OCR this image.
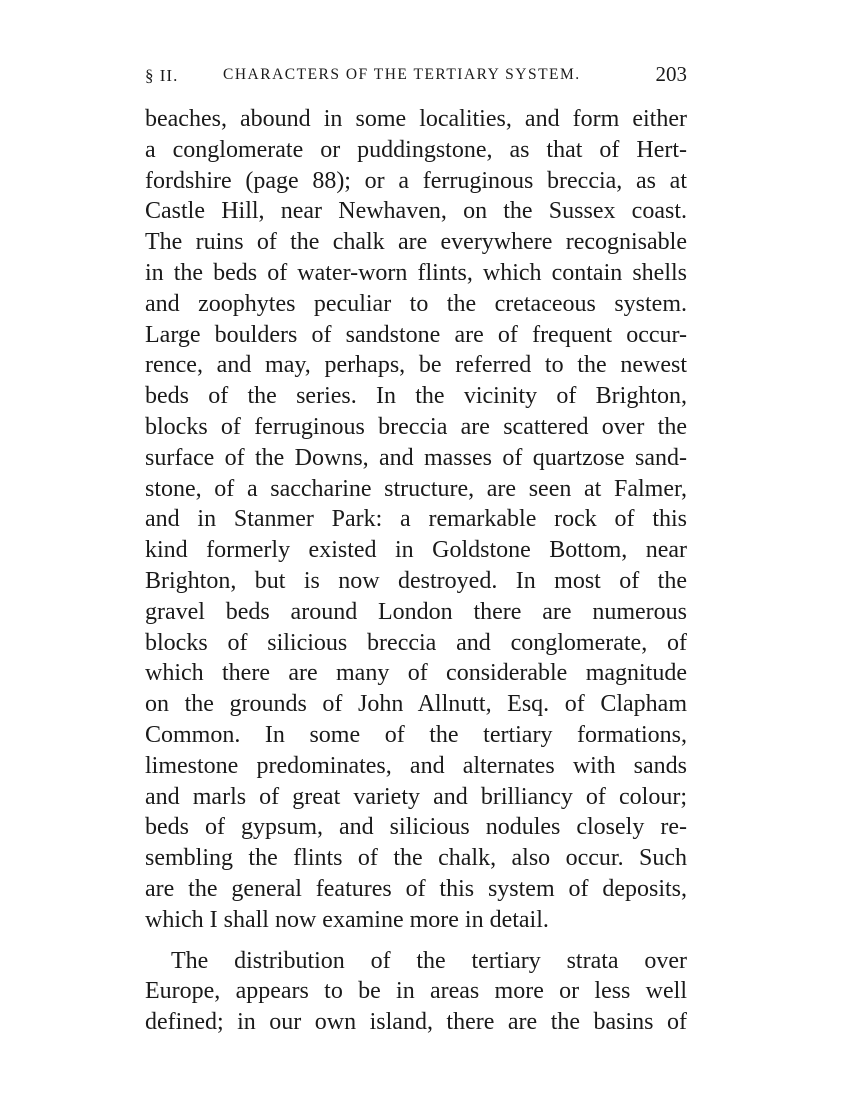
§ II.	CHARACTERS OF THE TERTIARY SYSTEM.	203
beaches, abound in some localities, and form either
a conglomerate or puddingstone, as that of Hert-
fordshire (page 88); or a ferruginous breccia, as at
Castle Hill, near Newhaven, on the Sussex coast.
The ruins of the chalk are everywhere recognisable
in the beds of water-worn flints, which contain shells
and zoophytes peculiar to the cretaceous system.
Large boulders of sandstone are of frequent occur-
rence, and may, perhaps, be referred to the newest
beds of the series. In the vicinity of Brighton,
blocks of ferruginous breccia are scattered over the
surface of the Downs, and masses of quartzose sand-
stone, of a saccharine structure, are seen at Falmer,
and in Stanmer Park: a remarkable rock of this
kind formerly existed in Goldstone Bottom, near
Brighton, but is now destroyed. In most of the
gravel beds around London there are numerous
blocks of silicious breccia and conglomerate, of
which there are many of considerable magnitude
on the grounds of John Allnutt, Esq. of Clapham
Common. In some of the tertiary formations,
limestone predominates, and alternates with sands
and marls of great variety and brilliancy of colour;
beds of gypsum, and silicious nodules closely re-
sembling the flints of the chalk, also occur. Such
are the general features of this system of deposits,
which I shall now examine more in detail.
The distribution of the tertiary strata over
Europe, appears to be in areas more or less well
defined; in our own island, there are the basins of
